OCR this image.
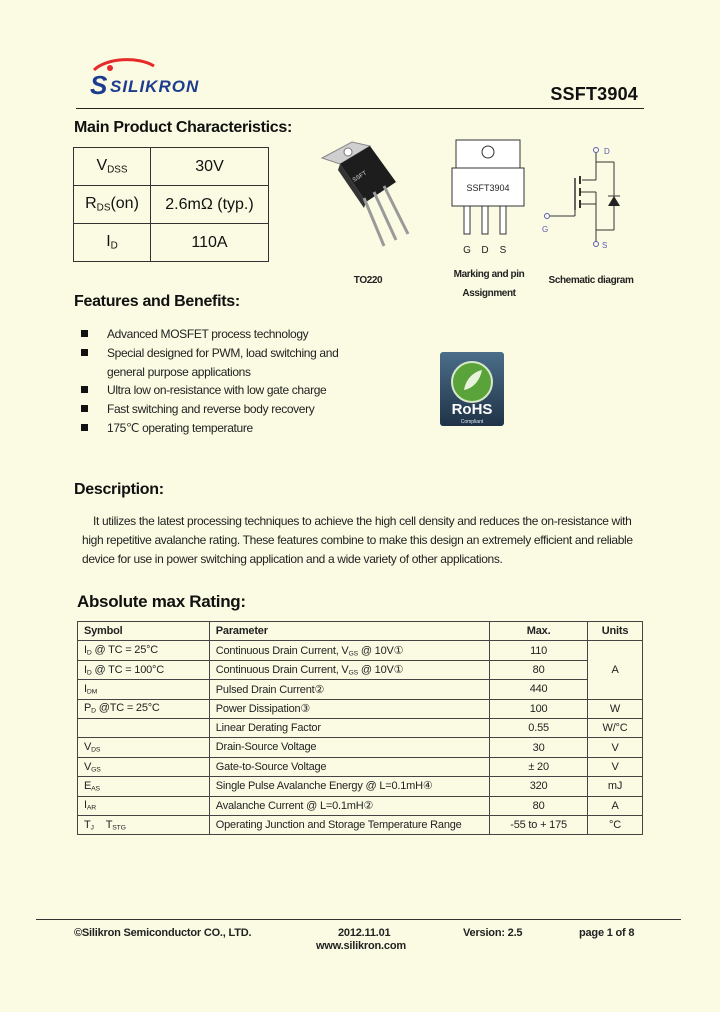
S SILIKRON	SSFT3904
Main Product Characteristics:
$V_{DSS}$	30V
$R_{DS}(on)$	2.6mΩ (typ.)
$I_D$	110A
SSFT
TO220
SSFT3904
G D S
Marking and pin
Assignment
D
S
G
Schematic diagram
Features and Benefits:
Advanced MOSFET process technology
Special designed for PWM, load switching and general purpose applications
Ultra low on-resistance with low gate charge
Fast switching and reverse body recovery
175℃ operating temperature
RoHS
Compliant
Description:

It utilizes the latest processing techniques to achieve the high cell density and reduces the on-resistance with high repetitive avalanche rating. These features combine to make this design an extremely efficient and reliable device for use in power switching application and a wide variety of other applications.

Absolute max Rating:
Symbol	Parameter	Max.	Units
$I_D$ @ TC = 25°C	Continuous Drain Current, $V_{GS}$ @ 10V①	110	A
$I_D$ @ TC = 100°C	Continuous Drain Current, $V_{GS}$ @ 10V①	80	
$I_{DM}$	Pulsed Drain Current②	440	
$P_D$ @TC = 25°C	Power Dissipation③	100	W
	Linear Derating Factor	0.55	W/°C
$V_{DS}$	Drain-Source Voltage	30	V
$V_{GS}$	Gate-to-Source Voltage	± 20	V
$E_{AS}$	Single Pulse Avalanche Energy @ L=0.1mH④	320	mJ
$I_{AR}$	Avalanche Current @ L=0.1mH②	80	A
$T_J$ $T_{STG}$	Operating Junction and Storage Temperature Range	-55 to + 175	°C
©Silikron Semiconductor CO., LTD.	2012.11.01	Version: 2.5	page 1 of 8
www.silikron.com
